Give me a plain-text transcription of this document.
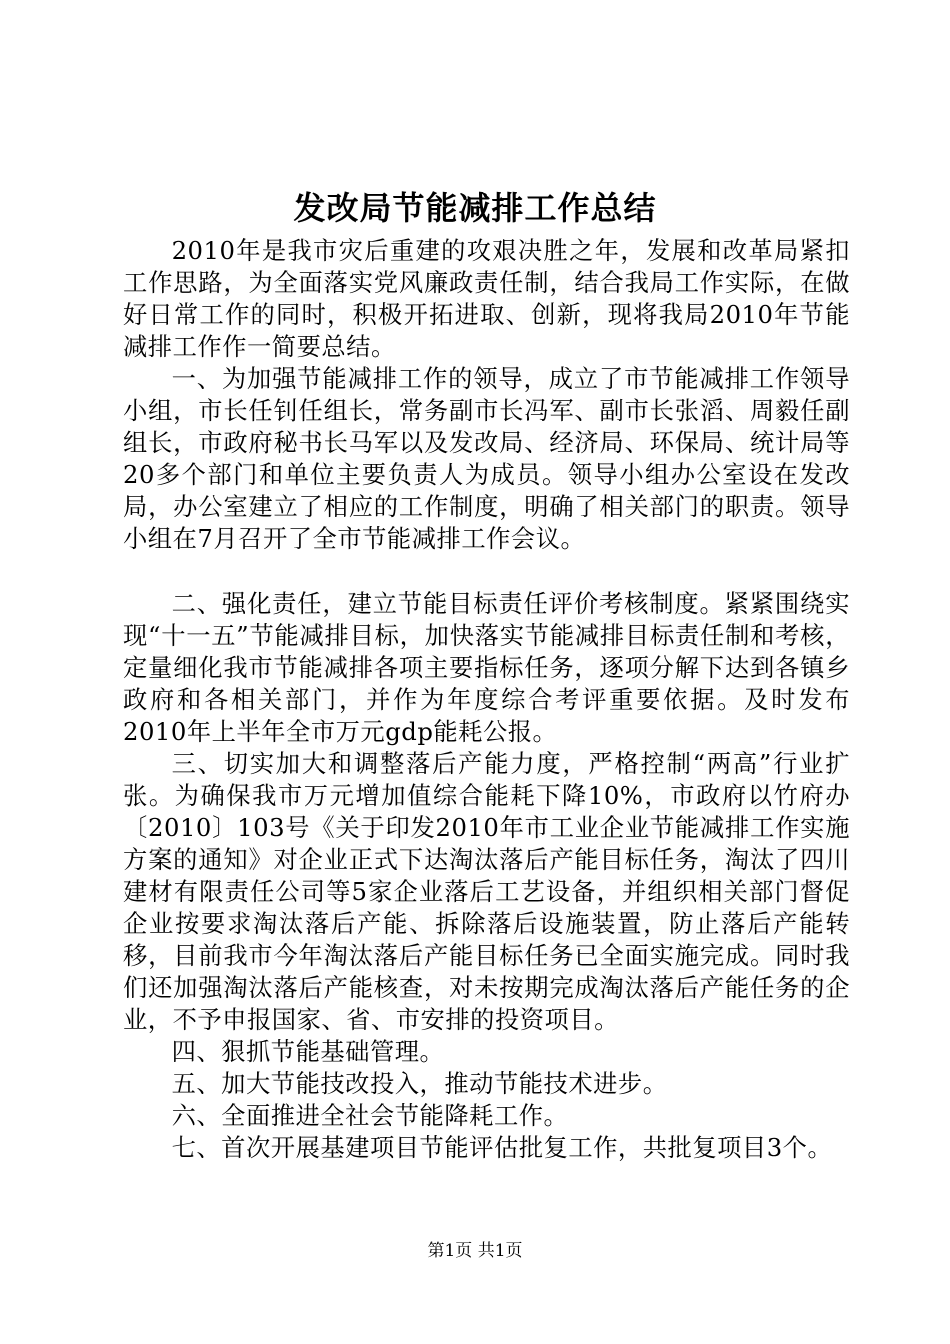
发改局节能减排工作总结

2010年是我市灾后重建的攻艰决胜之年，发展和改革局紧扣工作思路，为全面落实党风廉政责任制，结合我局工作实际，在做好日常工作的同时，积极开拓进取、创新，现将我局2010年节能减排工作作一简要总结。

一、为加强节能减排工作的领导，成立了市节能减排工作领导小组，市长任钊任组长，常务副市长冯军、副市长张滔、周毅任副组长，市政府秘书长马军以及发改局、经济局、环保局、统计局等20多个部门和单位主要负责人为成员。领导小组办公室设在发改局，办公室建立了相应的工作制度，明确了相关部门的职责。领导小组在7月召开了全市节能减排工作会议。

二、强化责任，建立节能目标责任评价考核制度。紧紧围绕实现“十一五”节能减排目标，加快落实节能减排目标责任制和考核，定量细化我市节能减排各项主要指标任务，逐项分解下达到各镇乡政府和各相关部门，并作为年度综合考评重要依据。及时发布2010年上半年全市万元gdp能耗公报。

三、切实加大和调整落后产能力度，严格控制“两高”行业扩张。为确保我市万元增加值综合能耗下降10%，市政府以竹府办〔2010〕103号《关于印发2010年市工业企业节能减排工作实施方案的通知》对企业正式下达淘汰落后产能目标任务，淘汰了四川建材有限责任公司等5家企业落后工艺设备，并组织相关部门督促企业按要求淘汰落后产能、拆除落后设施装置，防止落后产能转移，目前我市今年淘汰落后产能目标任务已全面实施完成。同时我们还加强淘汰落后产能核查，对未按期完成淘汰落后产能任务的企业，不予申报国家、省、市安排的投资项目。

四、狠抓节能基础管理。

五、加大节能技改投入，推动节能技术进步。

六、全面推进全社会节能降耗工作。

七、首次开展基建项目节能评估批复工作，共批复项目3个。

第1页 共1页
